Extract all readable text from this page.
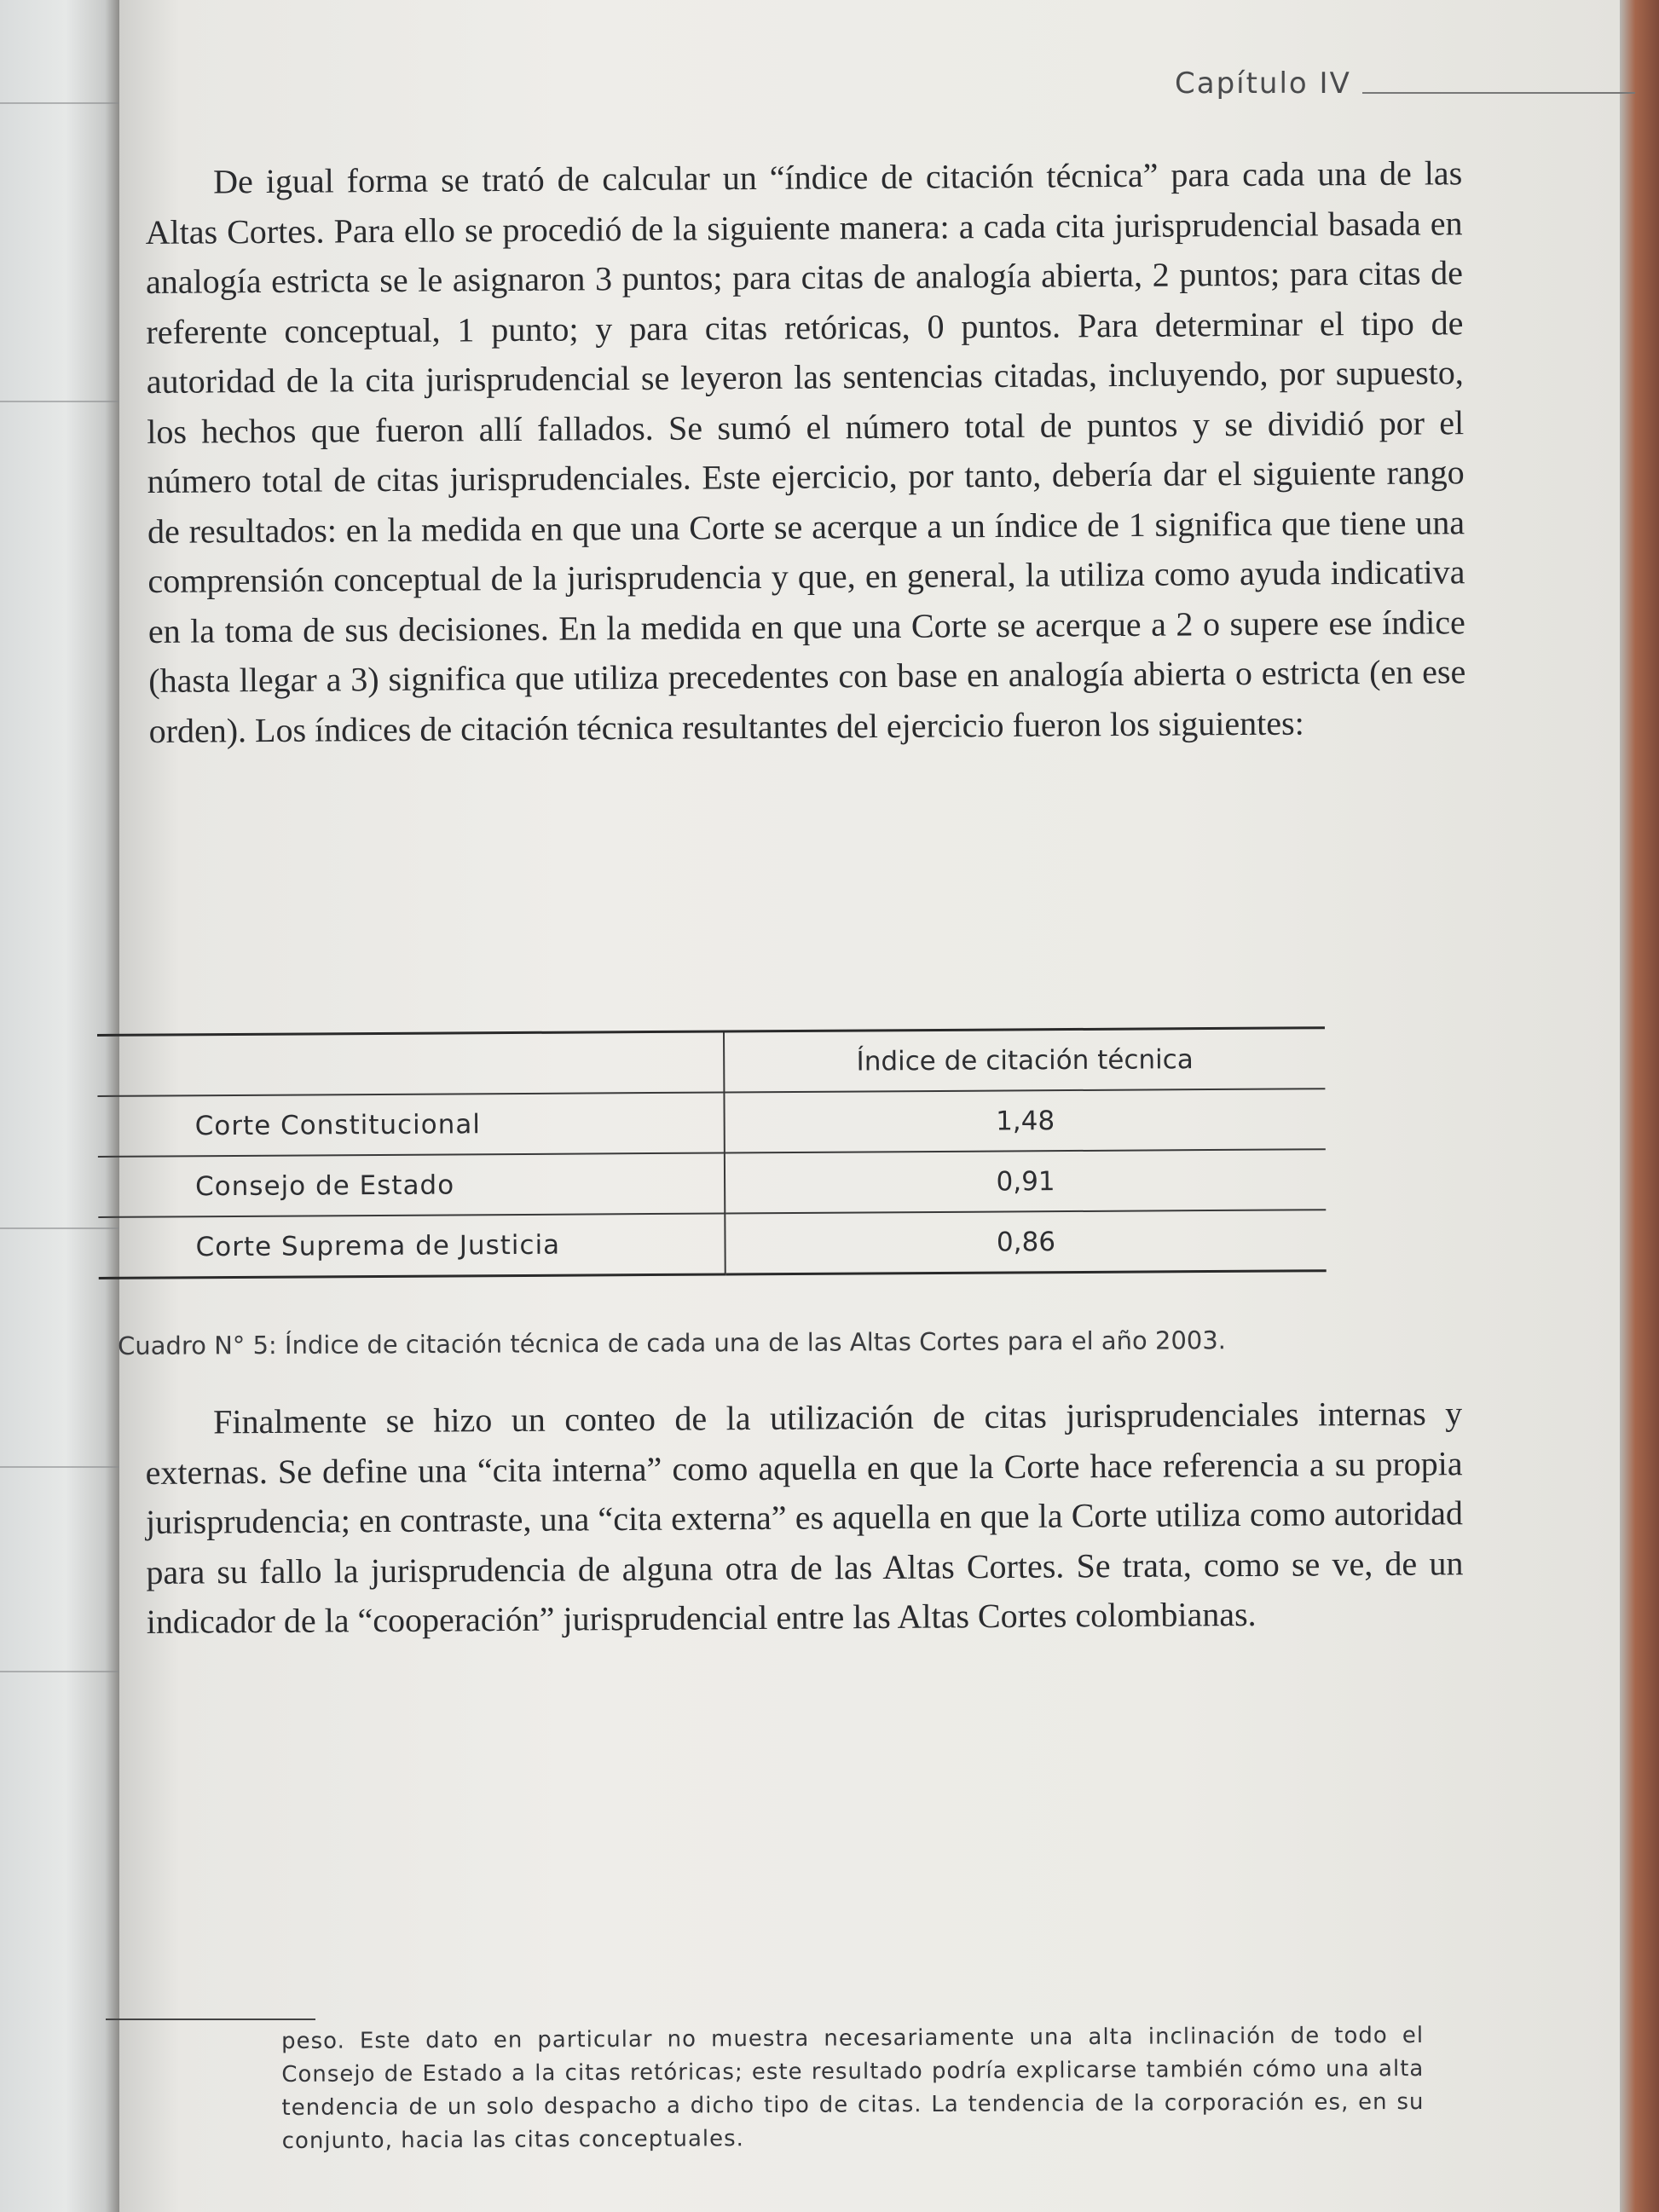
Capítulo IV

De igual forma se trató de calcular un “índice de citación técnica” para cada una de las Altas Cortes. Para ello se procedió de la siguiente manera: a cada cita jurisprudencial basada en analogía estricta se le asignaron 3 puntos; para citas de analogía abierta, 2 puntos; para citas de referente conceptual, 1 punto; y para citas retóricas, 0 puntos. Para determinar el tipo de autoridad de la cita jurisprudencial se leyeron las sentencias citadas, incluyendo, por supuesto, los hechos que fueron allí fallados. Se sumó el número total de puntos y se dividió por el número total de citas jurisprudenciales. Este ejercicio, por tanto, debería dar el siguiente rango de resultados: en la medida en que una Corte se acerque a un índice de 1 significa que tiene una comprensión conceptual de la jurisprudencia y que, en general, la utiliza como ayuda indicativa en la toma de sus decisiones. En la medida en que una Corte se acerque a 2 o supere ese índice (hasta llegar a 3) significa que utiliza precedentes con base en analogía abierta o estricta (en ese orden). Los índices de citación técnica resultantes del ejercicio fueron los siguientes:

	Índice de citación técnica
Corte Constitucional	1,48
Consejo de Estado	0,91
Corte Suprema de Justicia	0,86
Cuadro N° 5: Índice de citación técnica de cada una de las Altas Cortes para el año 2003.

Finalmente se hizo un conteo de la utilización de citas jurisprudenciales internas y externas. Se define una “cita interna” como aquella en que la Corte hace referencia a su propia jurisprudencia; en contraste, una “cita externa” es aquella en que la Corte utiliza como autoridad para su fallo la jurisprudencia de alguna otra de las Altas Cortes. Se trata, como se ve, de un indicador de la “cooperación” jurisprudencial entre las Altas Cortes colombianas.

peso. Este dato en particular no muestra necesariamente una alta inclinación de todo el Consejo de Estado a la citas retóricas; este resultado podría explicarse también cómo una alta tendencia de un solo despacho a dicho tipo de citas. La tendencia de la corporación es, en su conjunto, hacia las citas conceptuales.
